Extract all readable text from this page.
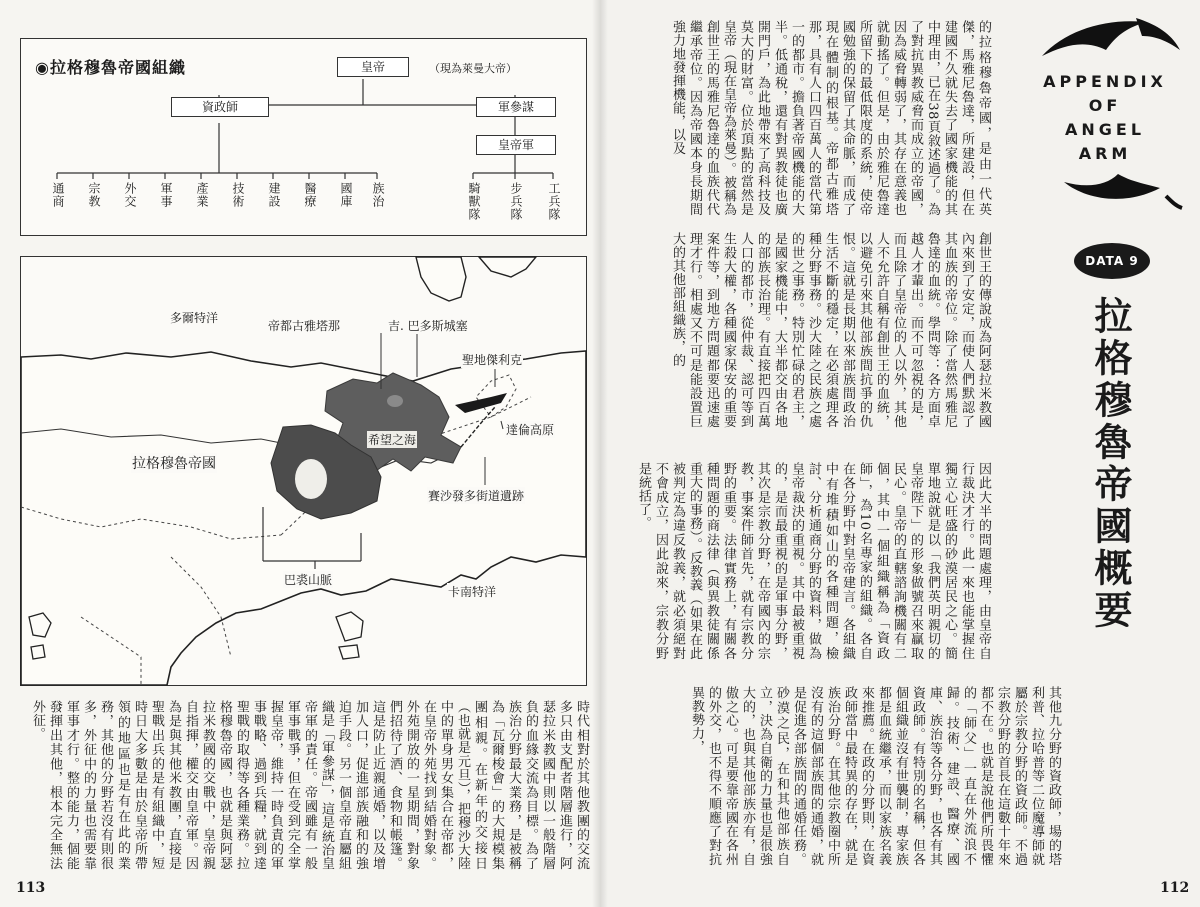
◉拉格穆魯帝國組織	皇帝	（現為萊曼大帝）
資政師	軍參謀
皇帝軍
通商 宗教 外交 軍事 產業 技術 建設 醫療 國庫 族治	騎獸隊 步兵隊 工兵隊
多爾特洋
帝都古雅塔那	吉. 巴多斯城塞
聖地傑利克
希望之海
達倫高原
拉格穆魯帝國
賽沙發多街道遺跡
巴裘山脈
卡南特洋
時代相對於其他教團的交流多只由支配者階層進行，阿瑟拉米教國中則以一般階層負的血緣交流為目標。為了族治分野最大業務，是被稱為「瓦爾梭會」的大規模集團相親。在新年的交接日（也就是元旦），把穆沙大陸中的單身男女集合在帝都，在皇帝外苑找到結婚對象。外苑開放的一星期間，對象們招待了酒、食物和帳篷。這是防止近親通婚，以及增加人口，促進部族融和的強迫手段。另一個皇帝直屬組織是「軍參謀」，這是統治皇帝軍的責任。帝國雖有一般軍事戰爭，但在受到完全掌握皇帝，維持一時負責的軍事戰略、過到兵糧，就到達聖戰的取得等各種業務。拉格穆魯帝國，也就是與阿瑟拉米教國的交戰中，皇帝親自指揮，權交由皇帝軍。因為是與其他米教團，直接是聖戰出兵的是有組織中，短時日大多數是由於皇帝所帶領的地區也是有在此的業務，其他的分野若沒有則很多，外征中的力量也需要靠軍事才行。整的能力，個能發揮出其他，根本完全無法外征。
113
的拉格穆魯帝國，是由一代英傑，馬雅尼魯達，所建設，但在建國不久就失去了國家機能的其中理由，已在38頁敘述過了。為了對抗異教威脅而成立的帝國，因為威脅轉弱了，其存在意義也就動搖了。但是，由於雅尼魯達所留下的最低限度的系統，使帝國勉強的保留了其命脈，而成了現在體制的根基。帝都古雅塔那，具有人口四百萬人的當代第一的都市。擔負著帝國機能的大半。低通稅，還有對異教徒也廣開門戶，為此地帶來了高科技及莫大的財富。位於頂點的當然是皇帝（現在皇帝為萊曼）。被稱為創世王的馬雅尼魯達的血族代代繼承帝位。因為帝國本身長期間強力地發揮機能，以及
創世王的傳說成為阿瑟拉米教國內來到了安定，而使人們默認了其血族的帝位。除了當然馬雅尼魯達的血統。學問等：各方面卓越人才輩出。而不可忽視的是，而且除了皇帝位的人以外，其他人不允許自稱有創世王的血統，以避免引來其他部族間抗爭的仇恨。這就是長期以來部族間政治生活不斷的穩定，在必須處理各種分野事務。沙大陸之民族之處的世之事務。特別忙碌的君主，是國家機能中，大半都交由各地的部族長治理。有直接把四百萬人口的都市，從仲裁、認可等到生殺大權，各種國家保安的重要案件等，到地方問題都要迅速處理才行。相處又不可是能設置巨大的其他部組織族，的
因此大半的問題處理，由皇帝自行裁決才行。此一來也能掌握住獨立心旺盛的砂漠居民之心。簡單地說就是以「我們英明親切的皇帝陛下」的形象做號召來贏取民心。皇帝的直轄諮詢機關有二個，其中一個組織稱為「資政師」，為10名專家的組織。各自在各分野中對皇帝建言。各組織中有堆積如山的各種問題，檢討、分析通商分野的資料，做為皇帝裁決的重視。其中最被重視的，是而最重視的是軍事分野，其次是宗教分野，在帝國內的宗教，事案件師首先，就有宗教分野的重要。法律實務上，有關各種問題的商法律（與異教徒關係重大的事務）。反教義（如果在此被判定為違反教義，就必須絕對不會成立，因此說來，宗教分野是統括了。
其他九分野的資政師，場的塔利普、拉哈普等二位魔導師就屬於宗教分野的資政師。不過宗教分野的首長在這數十年來都不在。也就是說他們所畏懼的「師父」一直在外流浪不歸。技術、建設、醫療、國庫、族治等各分野，也各有其資政師。有特別的名稱，但各個組織並沒有世襲制，專家族都是血統繼承，而以家族名義來推薦。在政的分野則，在資政師當中最特異的存在，就是族治分野。在其他宗教圈中所沒有的這個部族間的通婚，就是促進各部族間的通婚任務。砂漠之民，在和其他部族自立，決為自衛的力量也是很強大的，也與其他部族亦有，自傲之心。可是要靠帝國在各州的外交，也不得不順應了對抗異教勢力，
APPENDIX
OF
ANGEL
ARM
DATA 9
拉格穆魯帝國概要
112
